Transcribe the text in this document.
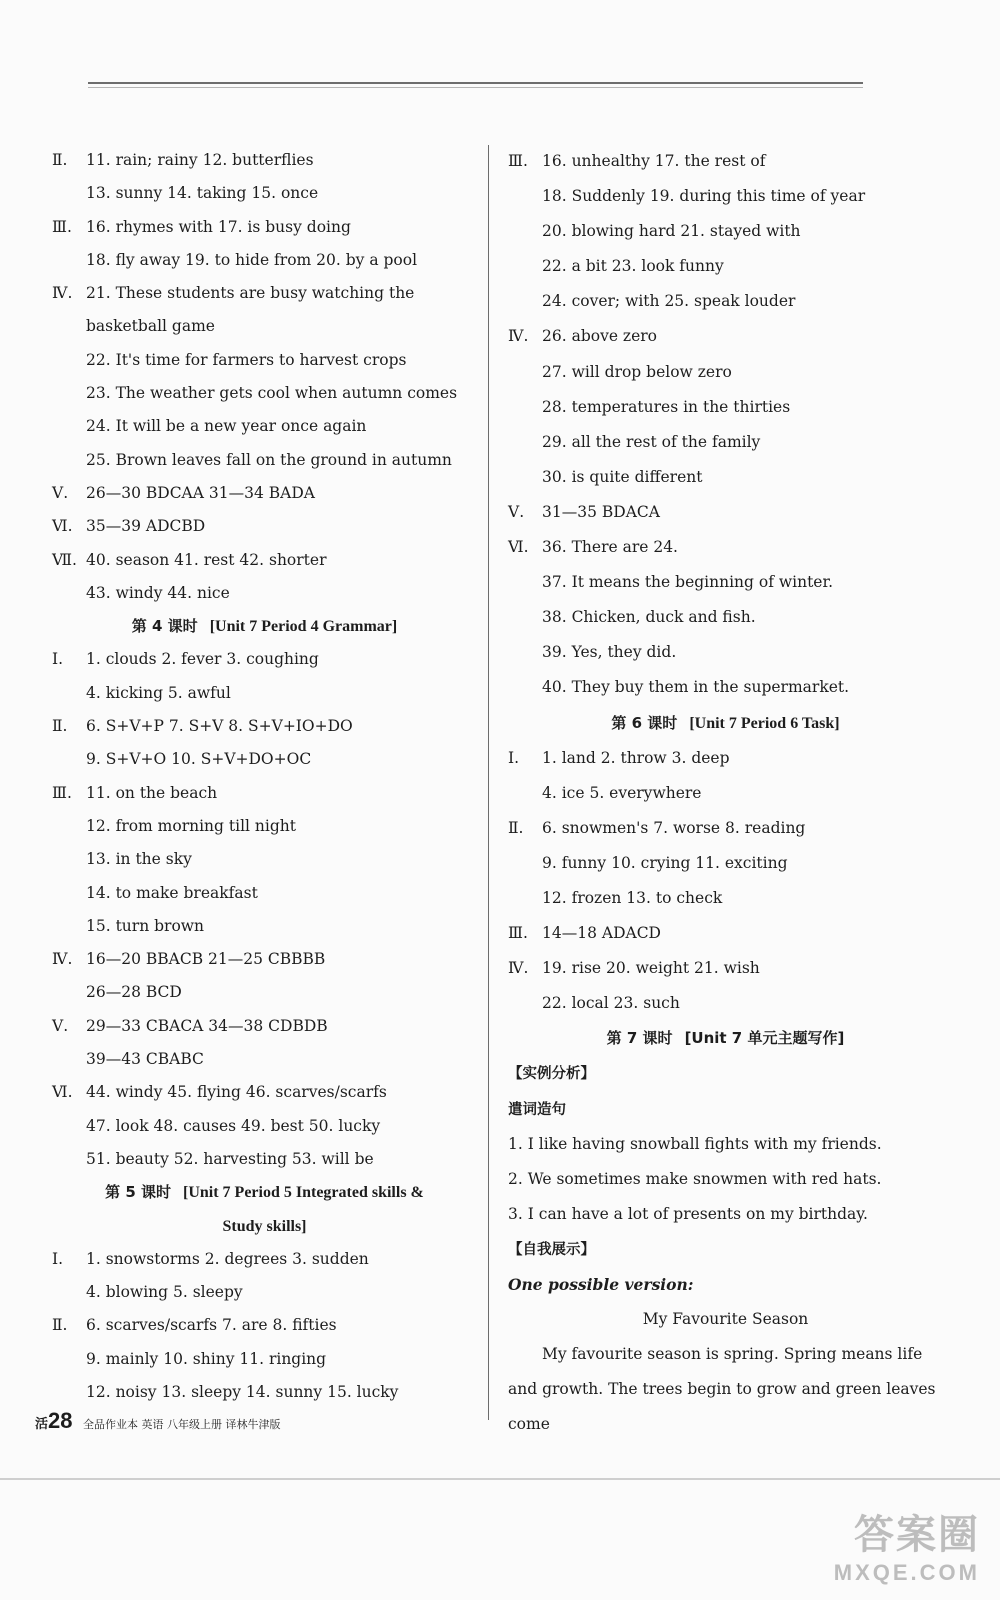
Ⅱ. 11. rain; rainy 12. butterflies
13. sunny 14. taking 15. once
Ⅲ. 16. rhymes with 17. is busy doing
18. fly away 19. to hide from 20. by a pool
Ⅳ. 21. These students are busy watching the
basketball game
22. It's time for farmers to harvest crops
23. The weather gets cool when autumn comes
24. It will be a new year once again
25. Brown leaves fall on the ground in autumn
Ⅴ. 26—30 BDCAA 31—34 BADA
Ⅵ. 35—39 ADCBD
Ⅶ. 40. season 41. rest 42. shorter
43. windy 44. nice
第 4 课时 [Unit 7 Period 4 Grammar]
Ⅰ. 1. clouds 2. fever 3. coughing
4. kicking 5. awful
Ⅱ. 6. S+V+P 7. S+V 8. S+V+IO+DO
9. S+V+O 10. S+V+DO+OC
Ⅲ. 11. on the beach
12. from morning till night
13. in the sky
14. to make breakfast
15. turn brown
Ⅳ. 16—20 BBACB 21—25 CBBBB
26—28 BCD
Ⅴ. 29—33 CBACA 34—38 CDBDB
39—43 CBABC
Ⅵ. 44. windy 45. flying 46. scarves/scarfs
47. look 48. causes 49. best 50. lucky
51. beauty 52. harvesting 53. will be
第 5 课时 [Unit 7 Period 5 Integrated skills &
Study skills]
Ⅰ. 1. snowstorms 2. degrees 3. sudden
4. blowing 5. sleepy
Ⅱ. 6. scarves/scarfs 7. are 8. fifties
9. mainly 10. shiny 11. ringing
12. noisy 13. sleepy 14. sunny 15. lucky
Ⅲ. 16. unhealthy 17. the rest of
18. Suddenly 19. during this time of year
20. blowing hard 21. stayed with
22. a bit 23. look funny
24. cover; with 25. speak louder
Ⅳ. 26. above zero
27. will drop below zero
28. temperatures in the thirties
29. all the rest of the family
30. is quite different
Ⅴ. 31—35 BDACA
Ⅵ. 36. There are 24.
37. It means the beginning of winter.
38. Chicken, duck and fish.
39. Yes, they did.
40. They buy them in the supermarket.
第 6 课时 [Unit 7 Period 6 Task]
Ⅰ. 1. land 2. throw 3. deep
4. ice 5. everywhere
Ⅱ. 6. snowmen's 7. worse 8. reading
9. funny 10. crying 11. exciting
12. frozen 13. to check
Ⅲ. 14—18 ADACD
Ⅳ. 19. rise 20. weight 21. wish
22. local 23. such
第 7 课时 [Unit 7 单元主题写作]
【实例分析】
遣词造句
1. I like having snowball fights with my friends.
2. We sometimes make snowmen with red hats.
3. I can have a lot of presents on my birthday.
【自我展示】
One possible version:
My Favourite Season
My favourite season is spring. Spring means life and growth. The trees begin to grow and green leaves come
活28 全品作业本 英语 八年级上册 译林牛津版
答案圈
MXQE.COM
